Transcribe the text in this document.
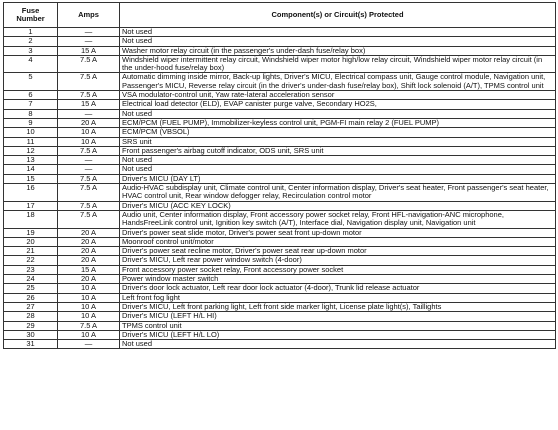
Fuse
Number	Amps	Component(s) or Circuit(s) Protected
1	—	Not used
2	—	Not used
3	15 A	Washer motor relay circuit (in the passenger's under-dash fuse/relay box)
4	7.5 A	Windshield wiper intermittent relay circuit, Windshield wiper motor high/low relay circuit, Windshield wiper motor relay circuit (in the under-hood fuse/relay box)
5	7.5 A	Automatic dimming inside mirror, Back-up lights, Driver's MICU, Electrical compass unit, Gauge control module, Navigation unit, Passenger's MICU, Reverse relay circuit (in the driver's under-dash fuse/relay box), Shift lock solenoid (A/T), TPMS control unit
6	7.5 A	VSA modulator-control unit, Yaw rate-lateral acceleration sensor
7	15 A	Electrical load detector (ELD), EVAP canister purge valve, Secondary HO2S,
8	—	Not used
9	20 A	ECM/PCM (FUEL PUMP), Immobilizer-keyless control unit, PGM-FI main relay 2 (FUEL PUMP)
10	10 A	ECM/PCM (VBSOL)
11	10 A	SRS unit
12	7.5 A	Front passenger's airbag cutoff indicator, ODS unit, SRS unit
13	—	Not used
14	—	Not used
15	7.5 A	Driver's MICU (DAY LT)
16	7.5 A	Audio-HVAC subdisplay unit, Climate control unit, Center information display, Driver's seat heater, Front passenger's seat heater, HVAC control unit, Rear window defogger relay, Recirculation control motor
17	7.5 A	Driver's MICU (ACC KEY LOCK)
18	7.5 A	Audio unit, Center information display, Front accessory power socket relay, Front HFL-navigation-ANC microphone, HandsFreeLink control unit, Ignition key switch (A/T), Interface dial, Navigation display unit, Navigation unit
19	20 A	Driver's power seat slide motor, Driver's power seat front up-down motor
20	20 A	Moonroof control unit/motor
21	20 A	Driver's power seat recline motor, Driver's power seat rear up-down motor
22	20 A	Driver's MICU, Left rear power window switch (4-door)
23	15 A	Front accessory power socket relay, Front accessory power socket
24	20 A	Power window master switch
25	10 A	Driver's door lock actuator, Left rear door lock actuator (4-door), Trunk lid release actuator
26	10 A	Left front fog light
27	10 A	Driver's MICU, Left front parking light, Left front side marker light, License plate light(s), Taillights
28	10 A	Driver's MICU (LEFT H/L HI)
29	7.5 A	TPMS control unit
30	10 A	Driver's MICU (LEFT H/L LO)
31	—	Not used
